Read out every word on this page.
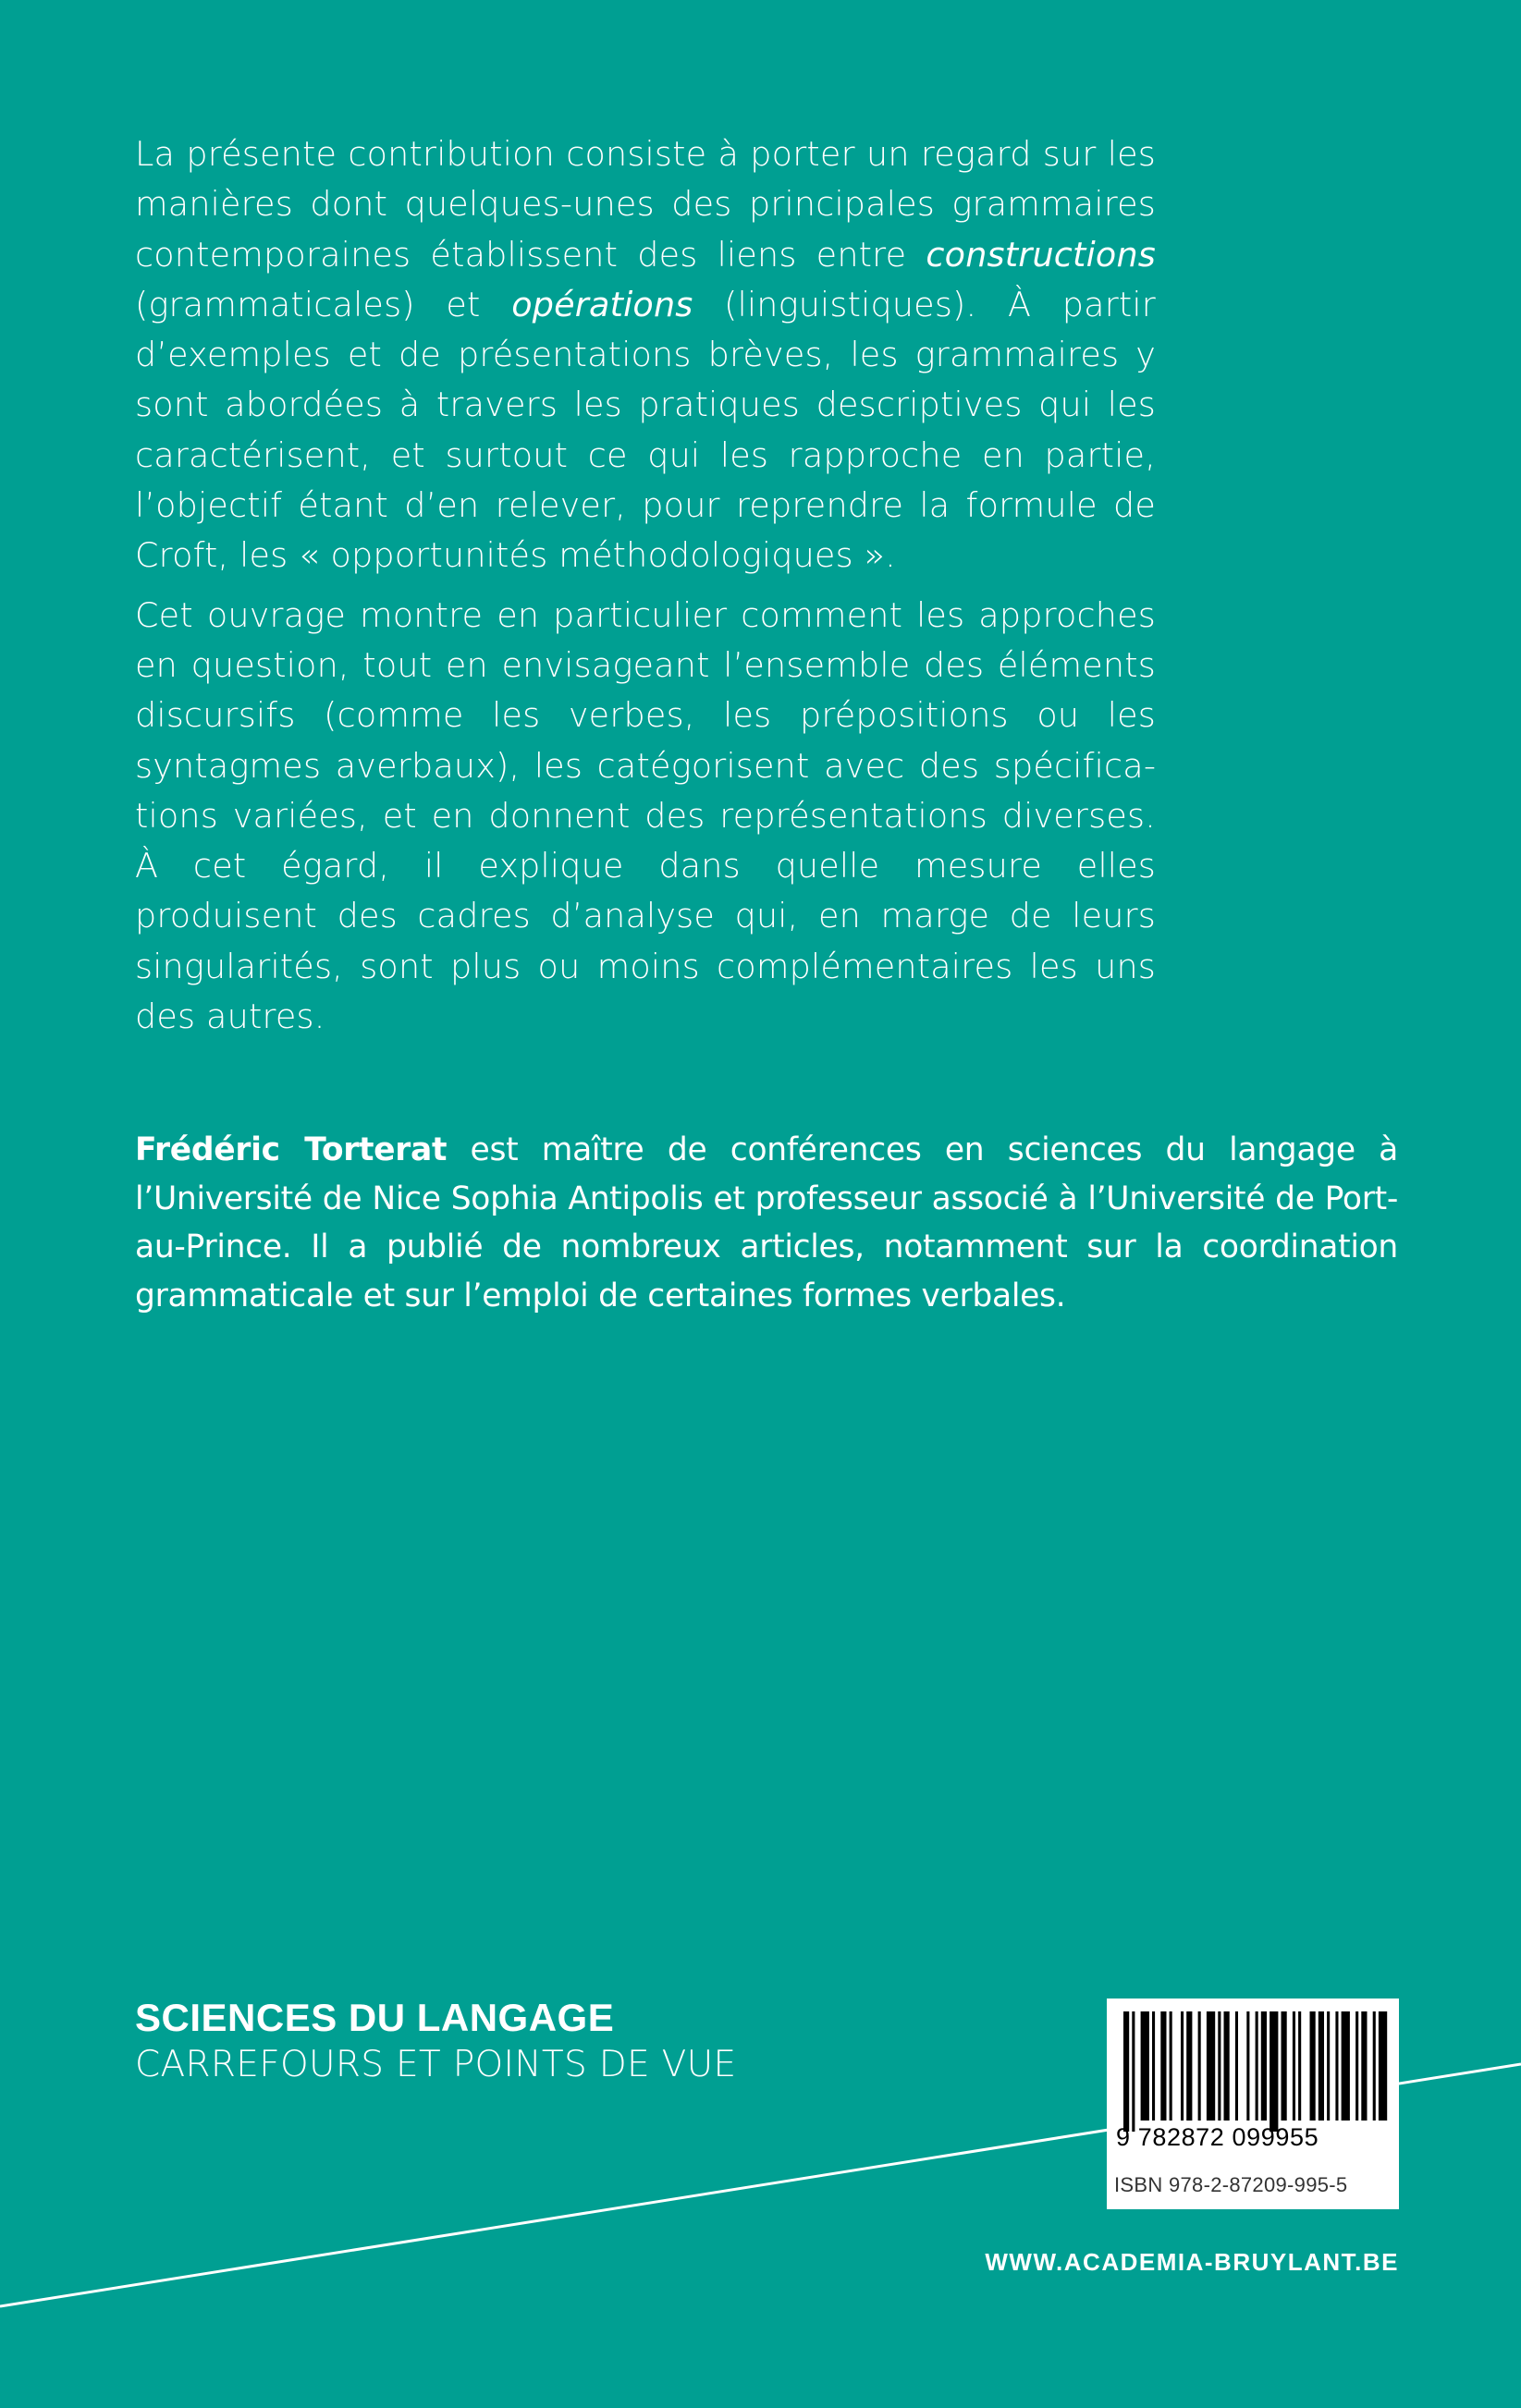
La présente contribution consiste à porter un regard sur les manières dont quelques-unes des principales grammaires contemporaines établissent des liens entre constructions (grammaticales) et opérations (linguistiques). À partir d’exemples et de présentations brèves, les grammaires y sont abordées à travers les pratiques descriptives qui les caractérisent, et surtout ce qui les rapproche en partie, l’objectif étant d’en relever, pour reprendre la formule de Croft, les « opportunités méthodologiques ».

Cet ouvrage montre en particulier comment les approches en question, tout en envisageant l’ensemble des éléments discursifs (comme les verbes, les prépositions ou les syntagmes averbaux), les catégorisent avec des spécifications variées, et en donnent des représentations diverses. À cet égard, il explique dans quelle mesure elles produisent des cadres d’analyse qui, en marge de leurs singularités, sont plus ou moins complémentaires les uns des autres.

Frédéric Torterat est maître de conférences en sciences du langage à l’Université de Nice Sophia Antipolis et professeur associé à l’Université de Port-au-Prince. Il a publié de nombreux articles, notamment sur la coordination grammaticale et sur l’emploi de certaines formes verbales.
SCIENCES DU LANGAGE
CARREFOURS ET POINTS DE VUE
9 782872 099955
ISBN 978-2-87209-995-5
WWW.ACADEMIA-BRUYLANT.BE
